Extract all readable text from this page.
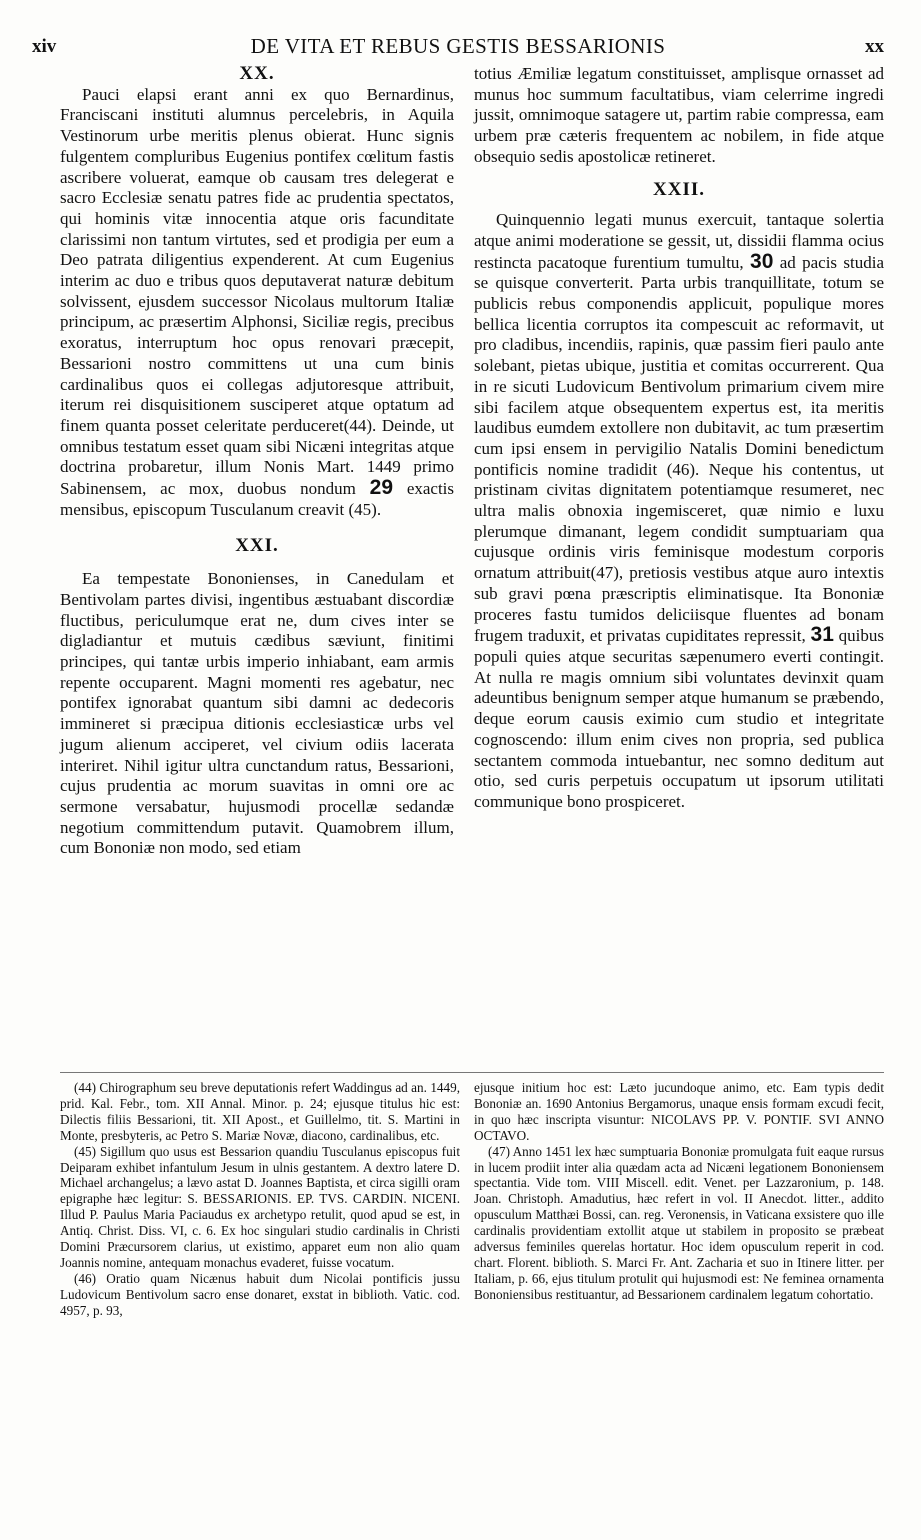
xiv	DE VITA ET REBUS GESTIS BESSARIONIS	xx
XX.

Pauci elapsi erant anni ex quo Bernardinus, Franciscani instituti alumnus percelebris, in Aquila Vestinorum urbe meritis plenus obierat. Hunc signis fulgentem compluribus Eugenius pontifex cœlitum fastis ascribere voluerat, eamque ob causam tres delegerat e sacro Ecclesiæ senatu patres fide ac prudentia spectatos, qui hominis vitæ innocentia atque oris facunditate clarissimi non tantum virtutes, sed et prodigia per eum a Deo patrata diligentius expenderent. At cum Eugenius interim ac duo e tribus quos deputaverat naturæ debitum solvissent, ejusdem successor Nicolaus multorum Italiæ principum, ac præsertim Alphonsi, Siciliæ regis, precibus exoratus, interruptum hoc opus renovari præcepit, Bessarioni nostro committens ut una cum binis cardinalibus quos ei collegas adjutoresque attribuit, iterum rei disquisitionem susciperet atque optatum ad finem quanta posset celeritate perduceret(44). Deinde, ut omnibus testatum esset quam sibi Nicæni integritas atque doctrina probaretur, illum Nonis Mart. 1449 primo Sabinensem, ac mox, duobus nondum 29 exactis mensibus, episcopum Tusculanum creavit (45).

XXI.

Ea tempestate Bononienses, in Canedulam et Bentivolam partes divisi, ingentibus æstuabant discordiæ fluctibus, periculumque erat ne, dum cives inter se digladiantur et mutuis cædibus sæviunt, finitimi principes, qui tantæ urbis imperio inhiabant, eam armis repente occuparent. Magni momenti res agebatur, nec pontifex ignorabat quantum sibi damni ac dedecoris immineret si præcipua ditionis ecclesiasticæ urbs vel jugum alienum acciperet, vel civium odiis lacerata interiret. Nihil igitur ultra cunctandum ratus, Bessarioni, cujus prudentia ac morum suavitas in omni ore ac sermone versabatur, hujusmodi procellæ sedandæ negotium committendum putavit. Quamobrem illum, cum Bononiæ non modo, sed etiam

totius Æmiliæ legatum constituisset, amplisque ornasset ad munus hoc summum facultatibus, viam celerrime ingredi jussit, omnimoque satagere ut, partim rabie compressa, eam urbem præ cæteris frequentem ac nobilem, in fide atque obsequio sedis apostolicæ retineret.

XXII.

Quinquennio legati munus exercuit, tantaque solertia atque animi moderatione se gessit, ut, dissidii flamma ocius restincta pacatoque furentium tumultu, 30 ad pacis studia se quisque converterit. Parta urbis tranquillitate, totum se publicis rebus componendis applicuit, populique mores bellica licentia corruptos ita compescuit ac reformavit, ut pro cladibus, incendiis, rapinis, quæ passim fieri paulo ante solebant, pietas ubique, justitia et comitas occurrerent. Qua in re sicuti Ludovicum Bentivolum primarium civem mire sibi facilem atque obsequentem expertus est, ita meritis laudibus eumdem extollere non dubitavit, ac tum præsertim cum ipsi ensem in pervigilio Natalis Domini benedictum pontificis nomine tradidit (46). Neque his contentus, ut pristinam civitas dignitatem potentiamque resumeret, nec ultra malis obnoxia ingemisceret, quæ nimio e luxu plerumque dimanant, legem condidit sumptuariam qua cujusque ordinis viris feminisque modestum corporis ornatum attribuit(47), pretiosis vestibus atque auro intextis sub gravi pœna præscriptis eliminatisque. Ita Bononiæ proceres fastu tumidos deliciisque fluentes ad bonam frugem traduxit, et privatas cupiditates repressit, 31 quibus populi quies atque securitas sæpenumero everti contingit. At nulla re magis omnium sibi voluntates devinxit quam adeuntibus benignum semper atque humanum se præbendo, deque eorum causis eximio cum studio et integritate cognoscendo: illum enim cives non propria, sed publica sectantem commoda intuebantur, nec somno deditum aut otio, sed curis perpetuis occupatum ut ipsorum utilitati communique bono prospiceret.

(44) Chirographum seu breve deputationis refert Waddingus ad an. 1449, prid. Kal. Febr., tom. XII Annal. Minor. p. 24; ejusque titulus hic est: Dilectis filiis Bessarioni, tit. XII Apost., et Guillelmo, tit. S. Martini in Monte, presbyteris, ac Petro S. Mariæ Novæ, diacono, cardinalibus, etc.

(45) Sigillum quo usus est Bessarion quandiu Tusculanus episcopus fuit Deiparam exhibet infantulum Jesum in ulnis gestantem. A dextro latere D. Michael archangelus; a lævo astat D. Joannes Baptista, et circa sigilli oram epigraphe hæc legitur: S. BESSARIONIS. EP. TVS. CARDIN. NICENI. Illud P. Paulus Maria Paciaudus ex archetypo retulit, quod apud se est, in Antiq. Christ. Diss. VI, c. 6. Ex hoc singulari studio cardinalis in Christi Domini Præcursorem clarius, ut existimo, apparet eum non alio quam Joannis nomine, antequam monachus evaderet, fuisse vocatum.

(46) Oratio quam Nicænus habuit dum Nicolai pontificis jussu Ludovicum Bentivolum sacro ense donaret, exstat in biblioth. Vatic. cod. 4957, p. 93,

ejusque initium hoc est: Læto jucundoque animo, etc. Eam typis dedit Bononiæ an. 1690 Antonius Bergamorus, unaque ensis formam excudi fecit, in quo hæc inscripta visuntur: NICOLAVS PP. V. PONTIF. SVI ANNO OCTAVO.

(47) Anno 1451 lex hæc sumptuaria Bononiæ promulgata fuit eaque rursus in lucem prodiit inter alia quædam acta ad Nicæni legationem Bononiensem spectantia. Vide tom. VIII Miscell. edit. Venet. per Lazzaronium, p. 148. Joan. Christoph. Amadutius, hæc refert in vol. II Anecdot. litter., addito opusculum Matthæi Bossi, can. reg. Veronensis, in Vaticana exsistere quo ille cardinalis providentiam extollit atque ut stabilem in proposito se præbeat adversus feminiles querelas hortatur. Hoc idem opusculum reperit in cod. chart. Florent. biblioth. S. Marci Fr. Ant. Zacharia et suo in Itinere litter. per Italiam, p. 66, ejus titulum protulit qui hujusmodi est: Ne feminea ornamenta Bononiensibus restituantur, ad Bessarionem cardinalem legatum cohortatio.
